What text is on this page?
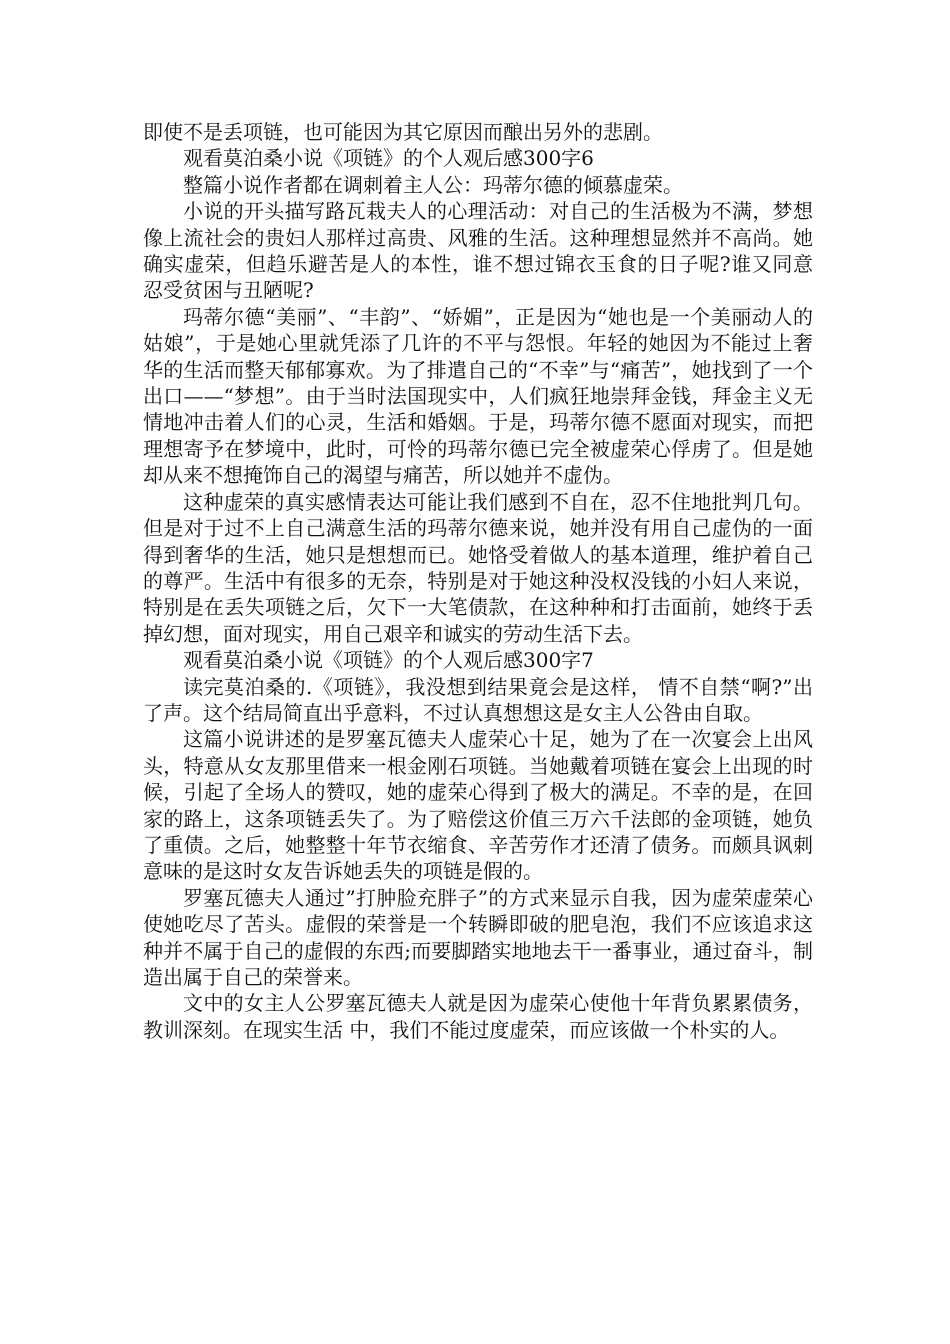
即使不是丢项链，也可能因为其它原因而酿出另外的悲剧。

观看莫泊桑小说《项链》的个人观后感300字6

整篇小说作者都在调刺着主人公：玛蒂尔德的倾慕虚荣。

小说的开头描写路瓦栽夫人的心理活动：对自己的生活极为不满，梦想像上流社会的贵妇人那样过高贵、风雅的生活。这种理想显然并不高尚。她确实虚荣，但趋乐避苦是人的本性，谁不想过锦衣玉食的日子呢?谁又同意忍受贫困与丑陋呢?

玛蒂尔德“美丽”、“丰韵”、“娇媚”，正是因为“她也是一个美丽动人的姑娘”，于是她心里就凭添了几许的不平与怨恨。年轻的她因为不能过上奢华的生活而整天郁郁寡欢。为了排遣自己的“不幸”与“痛苦”，她找到了一个出口——“梦想”。由于当时法国现实中，人们疯狂地崇拜金钱，拜金主义无情地冲击着人们的心灵，生活和婚姻。于是，玛蒂尔德不愿面对现实，而把理想寄予在梦境中，此时，可怜的玛蒂尔德已完全被虚荣心俘虏了。但是她却从来不想掩饰自己的渴望与痛苦，所以她并不虚伪。

这种虚荣的真实感情表达可能让我们感到不自在，忍不住地批判几句。但是对于过不上自己满意生活的玛蒂尔德来说，她并没有用自己虚伪的一面得到奢华的生活，她只是想想而已。她恪受着做人的基本道理，维护着自己的尊严。生活中有很多的无奈，特别是对于她这种没权没钱的小妇人来说，特别是在丢失项链之后，欠下一大笔债款，在这种种和打击面前，她终于丢掉幻想，面对现实，用自己艰辛和诚实的劳动生活下去。

观看莫泊桑小说《项链》的个人观后感300字7

读完莫泊桑的.《项链》，我没想到结果竟会是这样， 情不自禁“啊?”出了声。这个结局简直出乎意料，不过认真想想这是女主人公咎由自取。

这篇小说讲述的是罗塞瓦德夫人虚荣心十足，她为了在一次宴会上出风头，特意从女友那里借来一根金刚石项链。当她戴着项链在宴会上出现的时候，引起了全场人的赞叹，她的虚荣心得到了极大的满足。不幸的是，在回家的路上，这条项链丢失了。为了赔偿这价值三万六千法郎的金项链，她负了重债。之后，她整整十年节衣缩食、辛苦劳作才还清了债务。而颇具讽刺意味的是这时女友告诉她丢失的项链是假的。

罗塞瓦德夫人通过”打肿脸充胖子”的方式来显示自我，因为虚荣虚荣心使她吃尽了苦头。虚假的荣誉是一个转瞬即破的肥皂泡，我们不应该追求这种并不属于自己的虚假的东西;而要脚踏实地地去干一番事业，通过奋斗，制造出属于自己的荣誉来。

文中的女主人公罗塞瓦德夫人就是因为虚荣心使他十年背负累累债务，教训深刻。在现实生活 中，我们不能过度虚荣，而应该做一个朴实的人。
